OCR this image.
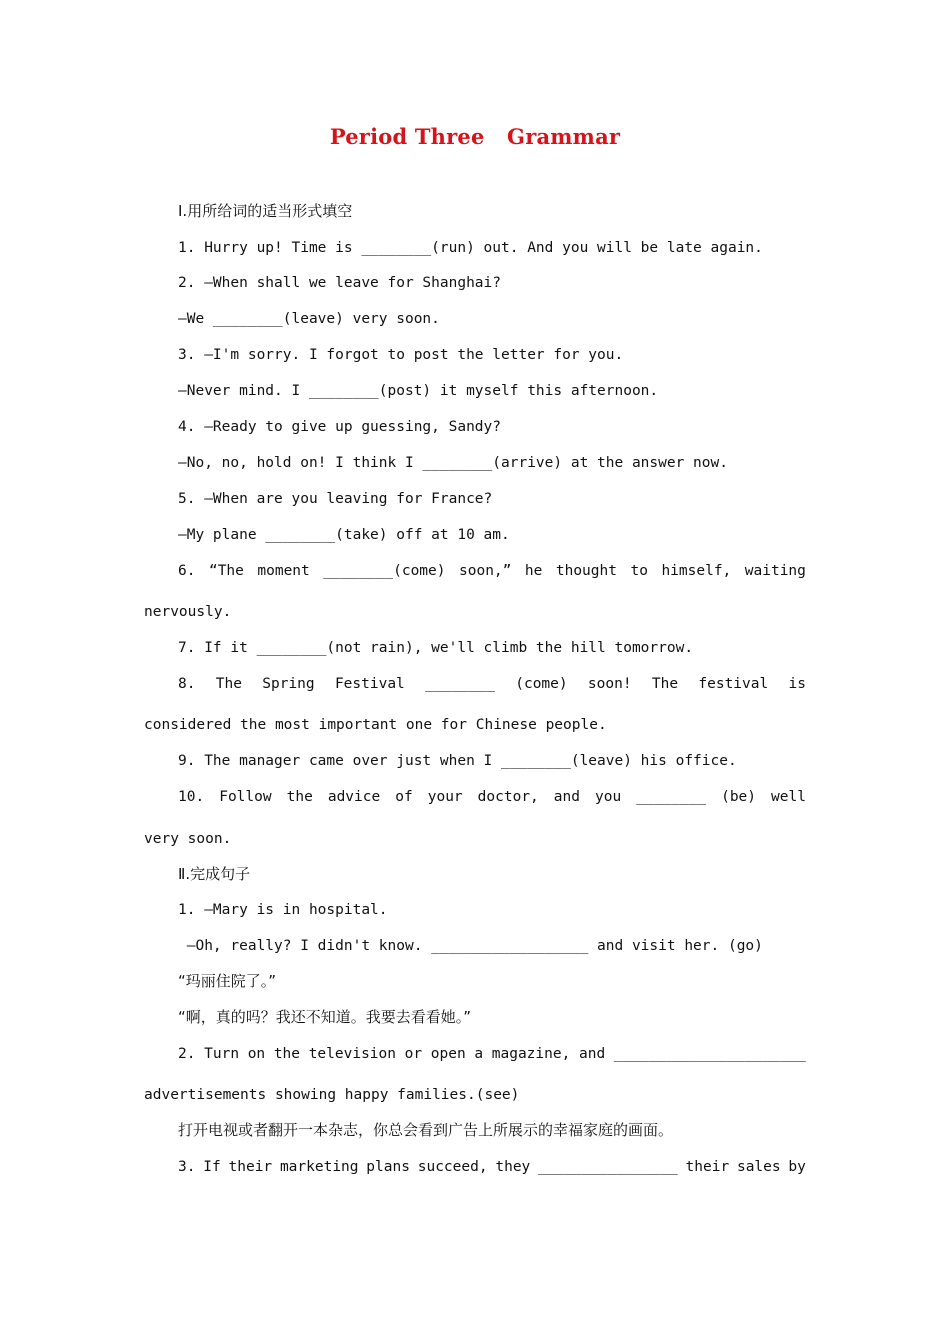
Period Three   Grammar
Ⅰ.用所给词的适当形式填空
1. Hurry up! Time is ________(run) out. And you will be late again.
2. —When shall we leave for Shanghai?
—We ________(leave) very soon.
3. —I'm sorry. I forgot to post the letter for you.
—Never mind. I ________(post) it myself this afternoon.
4. —Ready to give up guessing, Sandy?
—No, no, hold on! I think I ________(arrive) at the answer now.
5. —When are you leaving for France?
—My plane ________(take) off at 10 am.
6. “The moment ________(come) soon,” he thought to himself, waiting
nervously.
7. If it ________(not rain), we'll climb the hill tomorrow.
8. The Spring Festival ________ (come) soon! The festival is
considered the most important one for Chinese people.
9. The manager came over just when I ________(leave) his office.
10. Follow the advice of your doctor, and you ________ (be) well
very soon.
Ⅱ.完成句子
1. —Mary is in hospital.
—Oh, really? I didn't know. __________________ and visit her. (go)
“玛丽住院了。”
“啊，真的吗？我还不知道。我要去看看她。”
2. Turn on the television or open a magazine, and ______________________
advertisements showing happy families.(see)
打开电视或者翻开一本杂志，你总会看到广告上所展示的幸福家庭的画面。
3. If their marketing plans succeed, they ________________ their sales by
